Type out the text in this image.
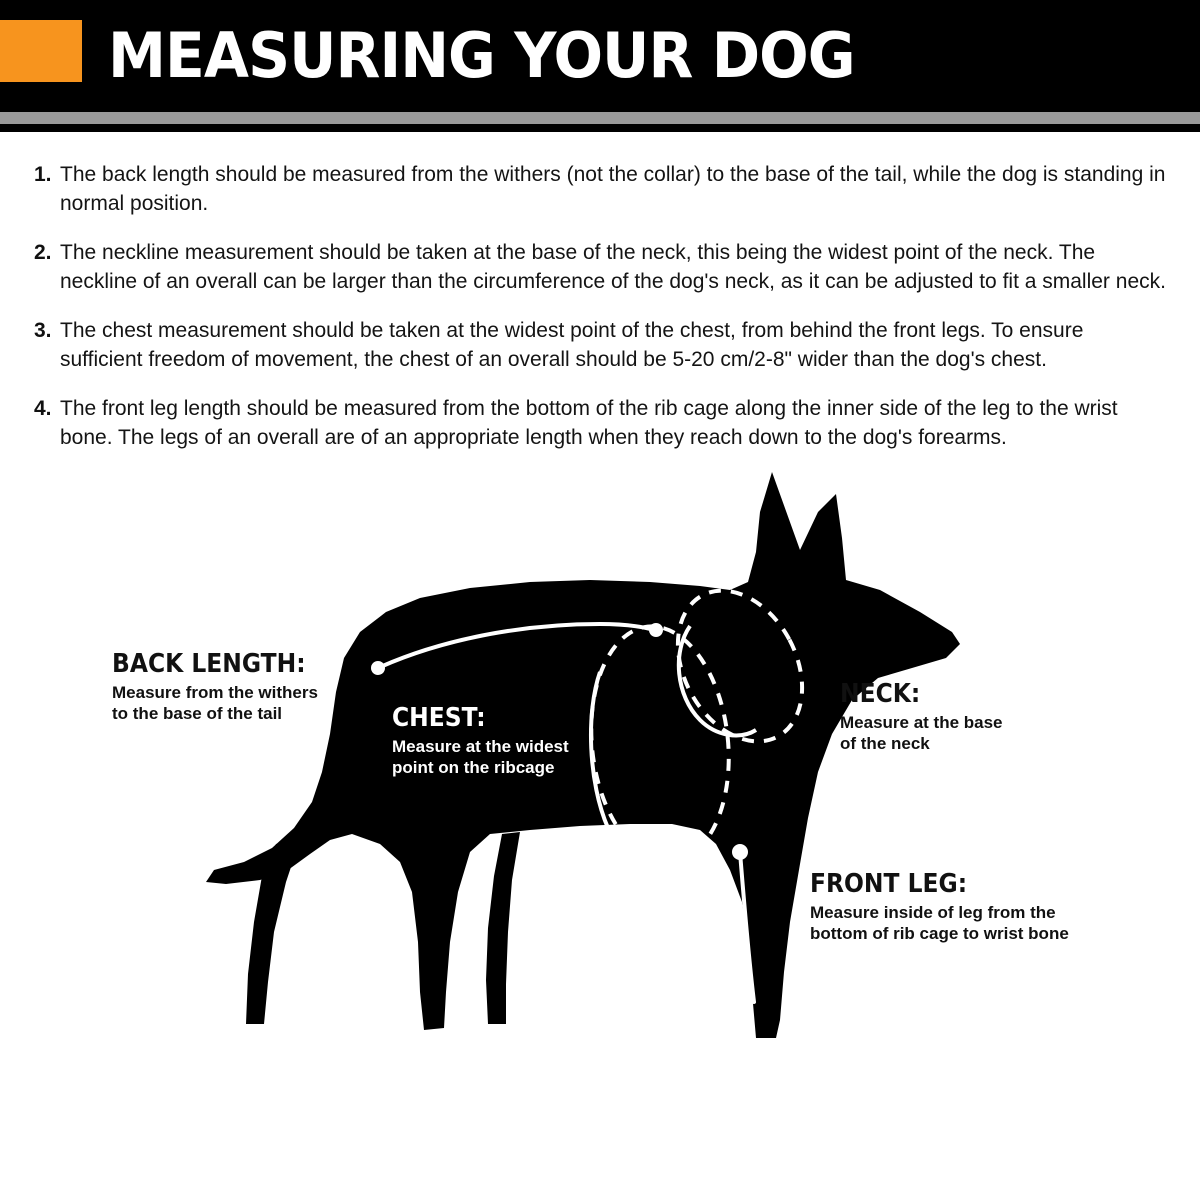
MEASURING YOUR DOG
1. The back length should be measured from the withers (not the collar) to the base of the tail, while the dog is standing in normal position.
2. The neckline measurement should be taken at the base of the neck, this being the widest point of the neck. The neckline of an overall can be larger than the circumference of the dog's neck, as it can be adjusted to fit a smaller neck.
3. The chest measurement should be taken at the widest point of the chest, from behind the front legs. To ensure sufficient freedom of movement, the chest of an overall should be 5-20 cm/2-8" wider than the dog's chest.
4. The front leg length should be measured from the bottom of the rib cage along the inner side of the leg to the wrist bone. The legs of an overall are of an appropriate length when they reach down to the dog's forearms.
BACK LENGTH:
Measure from the withers
to the base of the tail	CHEST:
Measure at the widest
point on the ribcage
NECK:
Measure at the base
of the neck
FRONT LEG:
Measure inside of leg from the
bottom of rib cage to wrist bone
